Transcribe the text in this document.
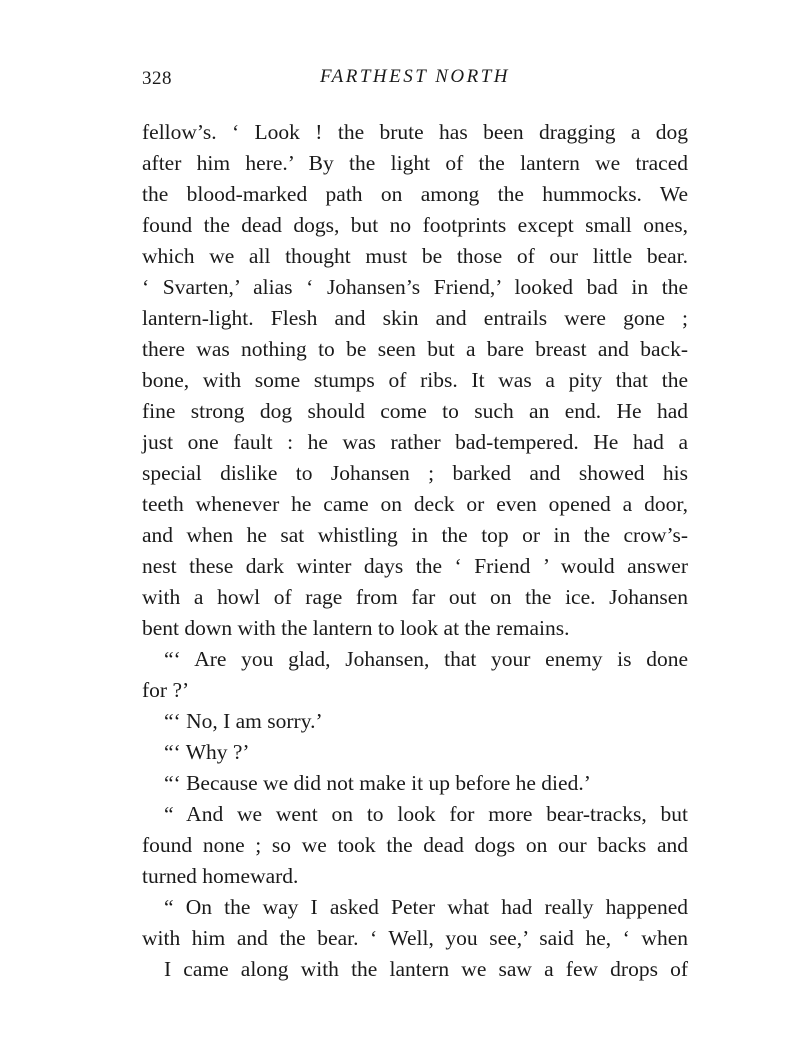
328	FARTHEST NORTH
fellow’s. ‘ Look ! the brute has been dragging a dog
after him here.’ By the light of the lantern we traced
the blood-marked path on among the hummocks. We
found the dead dogs, but no footprints except small ones,
which we all thought must be those of our little bear.
‘ Svarten,’ alias ‘ Johansen’s Friend,’ looked bad in the
lantern-light. Flesh and skin and entrails were gone ;
there was nothing to be seen but a bare breast and back-
bone, with some stumps of ribs. It was a pity that the
fine strong dog should come to such an end. He had
just one fault : he was rather bad-tempered. He had a
special dislike to Johansen ; barked and showed his
teeth whenever he came on deck or even opened a door,
and when he sat whistling in the top or in the crow’s-
nest these dark winter days the ‘ Friend ’ would answer
with a howl of rage from far out on the ice. Johansen
bent down with the lantern to look at the remains.
“‘ Are you glad, Johansen, that your enemy is done
for ?’
“‘ No, I am sorry.’
“‘ Why ?’
“‘ Because we did not make it up before he died.’
“ And we went on to look for more bear-tracks, but
found none ; so we took the dead dogs on our backs and
turned homeward.
“ On the way I asked Peter what had really happened
with him and the bear. ‘ Well, you see,’ said he, ‘ when
I came along with the lantern we saw a few drops of
